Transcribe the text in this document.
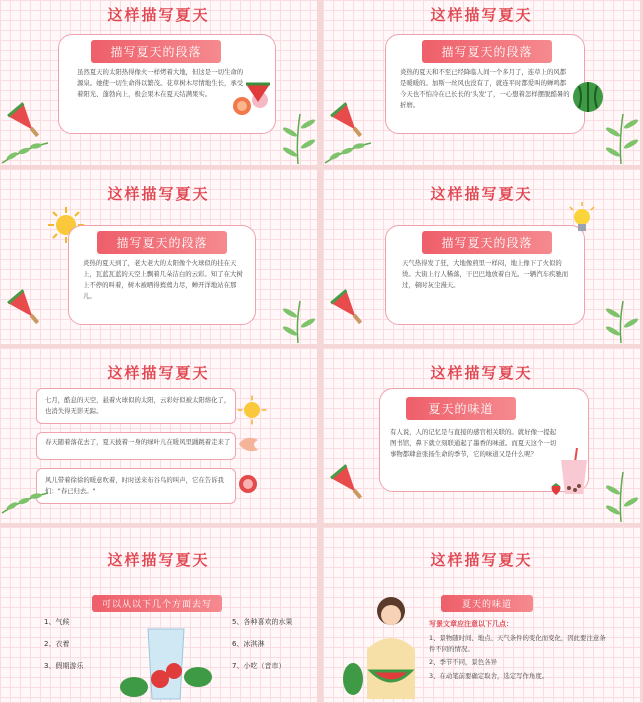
这样描写夏天
描写夏天的段落
虽然夏天的太阳热得像火一样烤着大地，但这是一切生命的源泉。她使一切生命得以繁茂。花草树木尽情地生长，承受着阳光、蓬勃向上，极会果木在夏天结满果实。
这样描写夏天
描写夏天的段落
炎热的夏天和不至已经降临人间一个多月了，连草上的风都是暖暖的。加斯一丝风也没有了，就连平时都爱叫的蝉鸣都今天也不怕冷在已长长的'头发'了，一心想着怎样摆脱酷暑的折磨。
这样描写夏天
描写夏天的段落
炎热的夏天到了，老大老大的太阳像个火球似的挂在天上，瓦蓝瓦蓝的天空上飘着几朵洁白的云彩。知了在大树上不停的叫着，树木被晒得蔫蔫力尽，蝉开洋地站在那儿。
这样描写夏天
描写夏天的段落
天气热得发了狂，大地像煎里一样闷，地上像下了火似的烫。大街上行人稀落，干巴巴地放着白光。一辆汽车疾驰而过，顿时灰尘漫天。
这样描写夏天
七月，酷息的天空，悬着火球似的太阳，云彩好似被太阳熔化了，也消失得无影无踪。
春天随着落花去了，夏天披着一身的绿叶儿在暖风里踊跳着走来了
风儿带着徐徐的暖意吹着，时时送来布谷鸟的叫声，它在告诉我们："春已归去。"
这样描写夏天
夏天的味道
有人说，人的记忆是与直接的感官相关联的。就好像一提起图书馆，鼻下就立刻联通起了墨香的味道。而夏天这个一切事物都肆意张扬生命的季节，它的味道又是什么呢？
这样描写夏天
可以从以下几个方面去写
1、气候
2、衣着
3、假期游乐
5、各种喜欢的水果
6、冰淇淋
7、小吃（音市）
这样描写夏天
夏天的味道
写景文章应注意以下几点：
1、景物随时间、地点、天气条件的变化而变化，因此要注意条件不同的情况。
2、季节不同，景色各异
3、在动笔前要确定取舍，选定写作角度。
